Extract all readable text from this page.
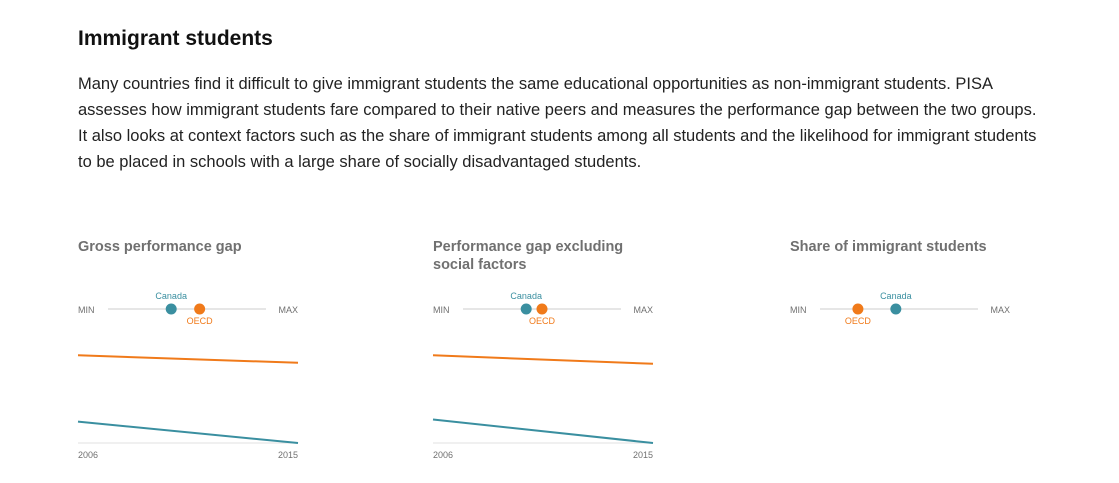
Immigrant students

Many countries find it difficult to give immigrant students the same educational opportunities as non-immigrant students. PISA assesses how immigrant students fare compared to their native peers and measures the performance gap between the two groups. It also looks at context factors such as the share of immigrant students among all students and the likelihood for immigrant students to be placed in schools with a large share of socially disadvantaged students.

Gross performance gap
MIN	MAX
Canada
OECD
2006	2015
Performance gap excluding social factors
MIN	MAX
Canada
OECD
2006	2015
Share of immigrant students
MIN	MAX
Canada
OECD
